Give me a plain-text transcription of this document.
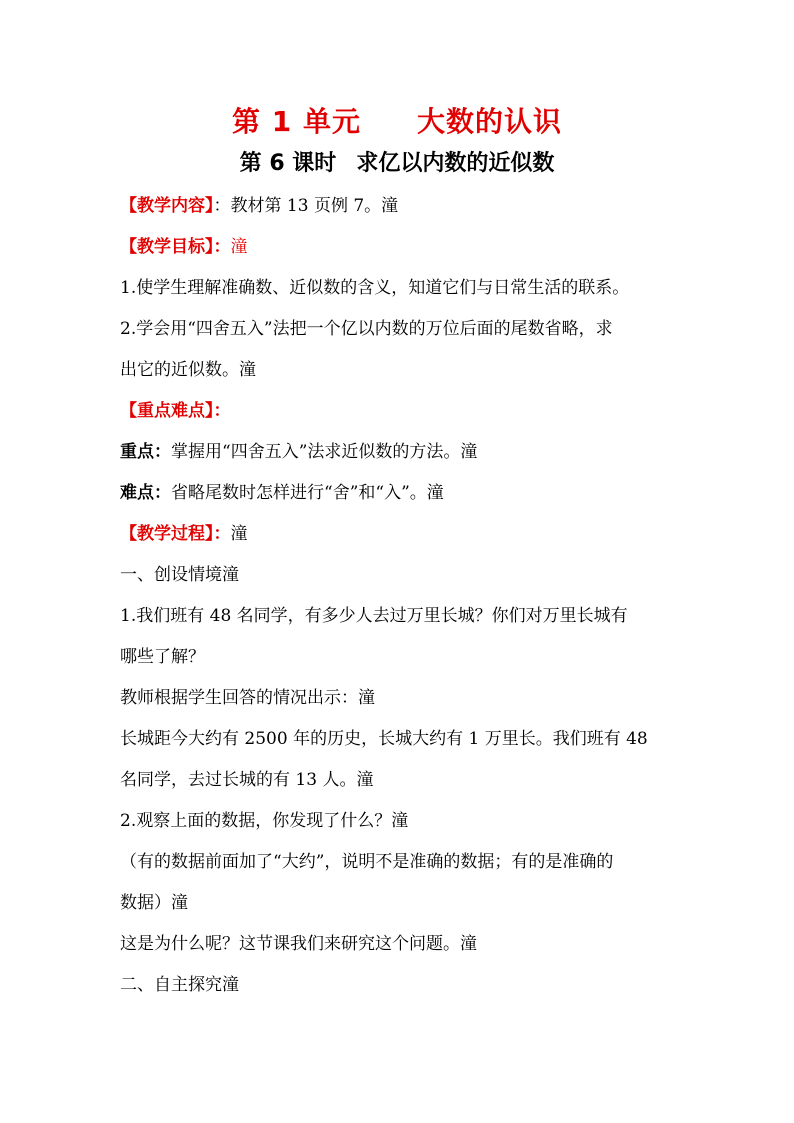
第 1 单元 大数的认识
第 6 课时 求亿以内数的近似数
【教学内容】：教材第 13 页例 7。潼
【教学目标】：潼
1.使学生理解准确数、近似数的含义，知道它们与日常生活的联系。
2.学会用“四舍五入”法把一个亿以内数的万位后面的尾数省略，求
出它的近似数。潼
【重点难点】：
重点：掌握用“四舍五入”法求近似数的方法。潼
难点：省略尾数时怎样进行“舍”和“入”。潼
【教学过程】：潼
一、创设情境潼
1.我们班有 48 名同学，有多少人去过万里长城？你们对万里长城有
哪些了解？
教师根据学生回答的情况出示：潼
长城距今大约有 2500 年的历史，长城大约有 1 万里长。我们班有 48
名同学，去过长城的有 13 人。潼
2.观察上面的数据，你发现了什么？潼
（有的数据前面加了“大约”，说明不是准确的数据；有的是准确的
数据）潼
这是为什么呢？这节课我们来研究这个问题。潼
二、自主探究潼
